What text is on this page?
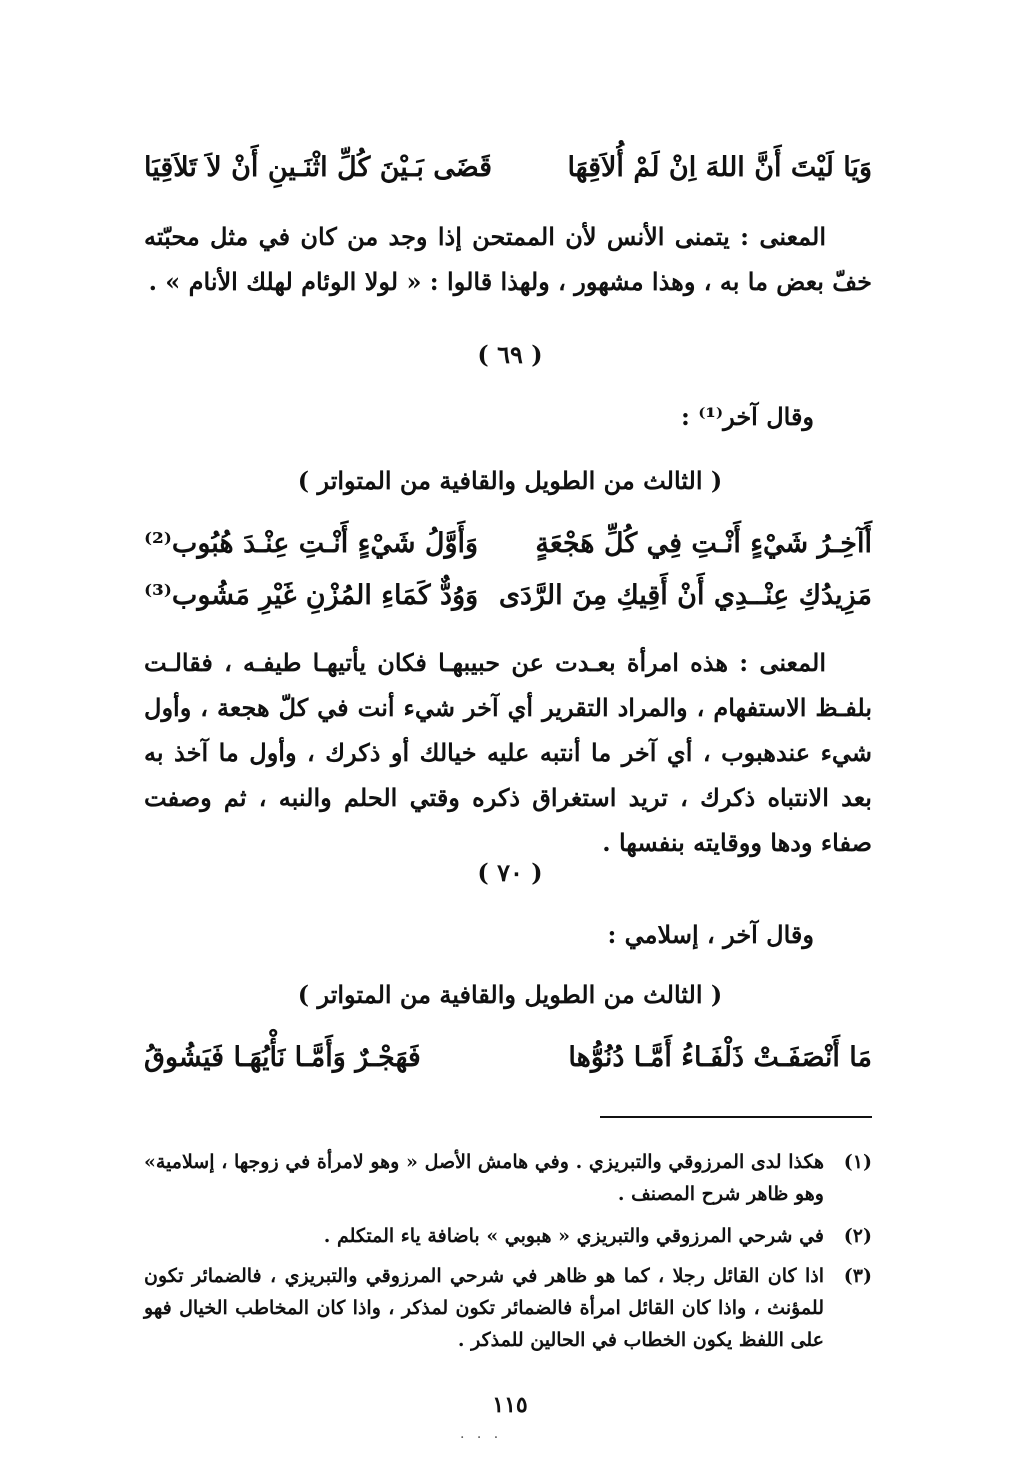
وَيَا لَيْتَ أَنَّ اللهَ اِنْ لَمْ أُلاَقِهَا
قَضَى بَـيْنَ كُلِّ اثْنَـينِ أَنْ لاَ تَلاَقِيَا

المعنى : يتمنى الأنس لأن الممتحن إذا وجد من كان في مثل محبّته خفّ بعض ما به ، وهذا مشهور ، ولهذا قالوا : « لولا الوئام لهلك الأنام » .

( ٦٩ )
وقال آخر⁽¹⁾ :
( الثالث من الطويل والقافية من المتواتر )
أَآخِـرُ شَيْءٍ أَنْـتِ فِي كُلِّ هَجْعَةٍ
وَأَوَّلُ شَيْءٍ أَنْـتِ عِنْـدَ هُبُوب⁽²⁾
مَزِيدُكِ عِنْــدِي أَنْ أَقِيكِ مِنَ الرَّدَى
وَوُدٌّ كَمَاءِ المُزْنِ غَيْرِ مَشُوب⁽³⁾

المعنى : هذه امرأة بعـدت عن حبيبهـا فكان يأتيهـا طيفـه ، فقالـت بلفـظ الاستفهام ، والمراد التقرير أي آخر شيء أنت في كلّ هجعة ، وأول شيء عندهبوب ، أي آخر ما أنتبه عليه خيالك أو ذكرك ، وأول ما آخذ به بعد الانتباه ذكرك ، تريد استغراق ذكره وقتي الحلم والنبه ، ثم وصفت صفاء ودها ووقايته بنفسها .

( ٧٠ )
وقال آخر ، إسلامي :
( الثالث من الطويل والقافية من المتواتر )
مَا أَنْصَفَـتْ ذَلْفَـاءُ أَمَّـا دُنُوُّها
فَهَجْـرٌ وَأَمَّـا نَأْيُهَـا فَيَشُوقُ
(١)
هكذا لدى المرزوقي والتبريزي . وفي هامش الأصل « وهو لامرأة في زوجها ، إسلامية» وهو ظاهر شرح المصنف .
(٢)
في شرحي المرزوقي والتبريزي « هبوبي » باضافة ياء المتكلم .
(٣)
اذا كان القائل رجلا ، كما هو ظاهر في شرحي المرزوقي والتبريزي ، فالضمائر تكون للمؤنث ، واذا كان القائل امرأة فالضمائر تكون لمذكر ، واذا كان المخاطب الخيال فهو على اللفظ يكون الخطاب في الحالين للمذكر .
١١٥
· · ·
